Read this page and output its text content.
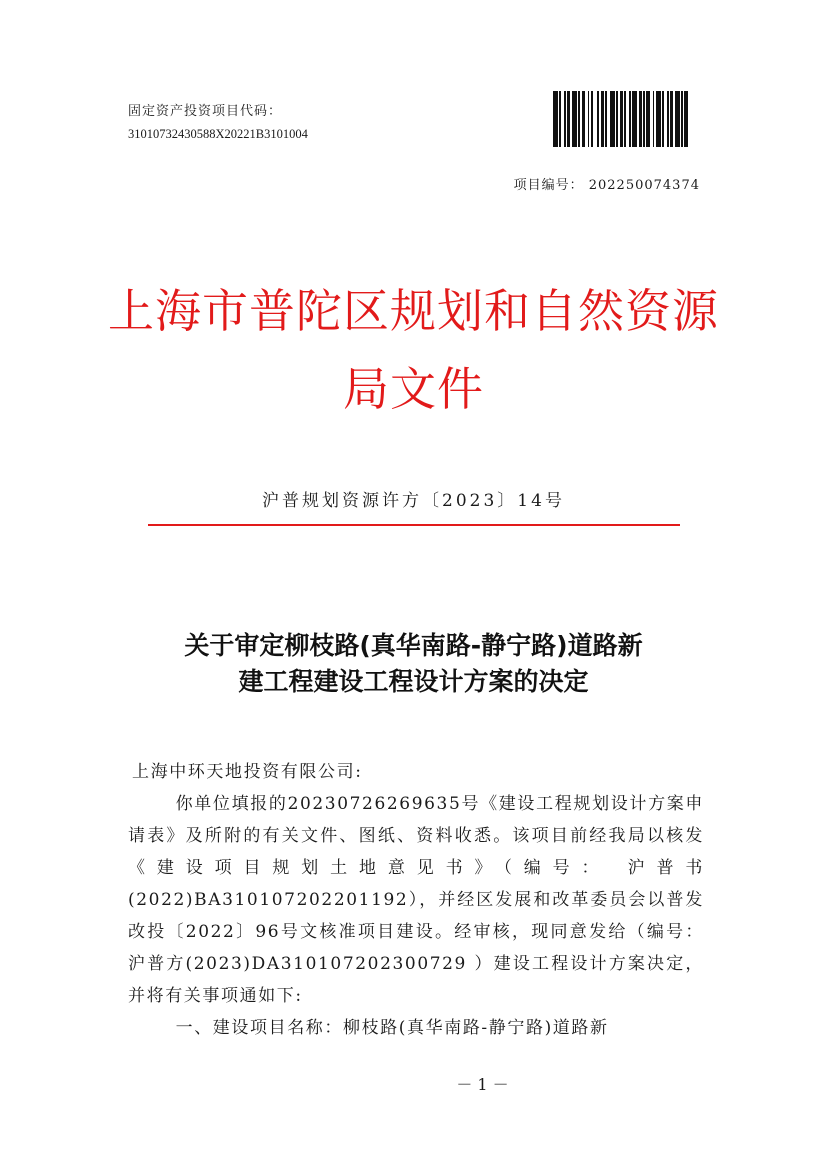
固定资产投资项目代码：
31010732430588X20221B3101004
项目编号： 202250074374
上海市普陀区规划和自然资源
局文件
沪普规划资源许方〔2023〕14号
关于审定柳枝路(真华南路-静宁路)道路新
建工程建设工程设计方案的决定

上海中环天地投资有限公司:

你单位填报的20230726269635号《建设工程规划设计方案申请表》及所附的有关文件、图纸、资料收悉。该项目前经我局以核发《建设项目规划土地意见书》（编号： 沪普书(2022)BA310107202201192），并经区发展和改革委员会以普发改投〔2022〕96号文核准项目建设。经审核，现同意发给（编号：沪普方(2023)DA310107202300729 ）建设工程设计方案决定，并将有关事项通如下:

一、建设项目名称：柳枝路(真华南路-静宁路)道路新

－ 1 －
